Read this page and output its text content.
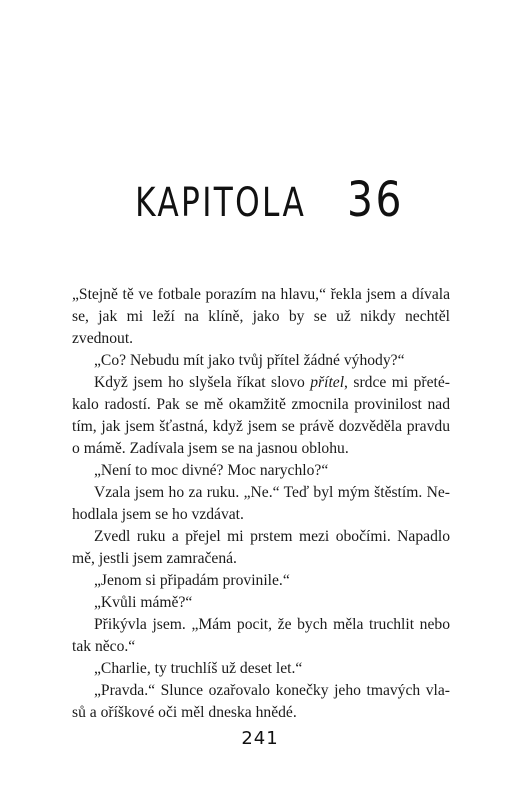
KAPITOLA 36
„Stejně tě ve fotbale porazím na hlavu,“ řekla jsem a dívala
se, jak mi leží na klíně, jako by se už nikdy nechtěl zvednout.
„Co? Nebudu mít jako tvůj přítel žádné výhody?“
Když jsem ho slyšela říkat slovo přítel, srdce mi přeté-
kalo radostí. Pak se mě okamžitě zmocnila provinilost nad
tím, jak jsem šťastná, když jsem se právě dozvěděla pravdu
o mámě. Zadívala jsem se na jasnou oblohu.
„Není to moc divné? Moc narychlo?“
Vzala jsem ho za ruku. „Ne.“ Teď byl mým štěstím. Ne-
hodlala jsem se ho vzdávat.
Zvedl ruku a přejel mi prstem mezi obočími. Napadlo
mě, jestli jsem zamračená.
„Jenom si připadám provinile.“
„Kvůli mámě?“
Přikývla jsem. „Mám pocit, že bych měla truchlit nebo
tak něco.“
„Charlie, ty truchlíš už deset let.“
„Pravda.“ Slunce ozařovalo konečky jeho tmavých vla-
sů a oříškové oči měl dneska hnědé.
241
